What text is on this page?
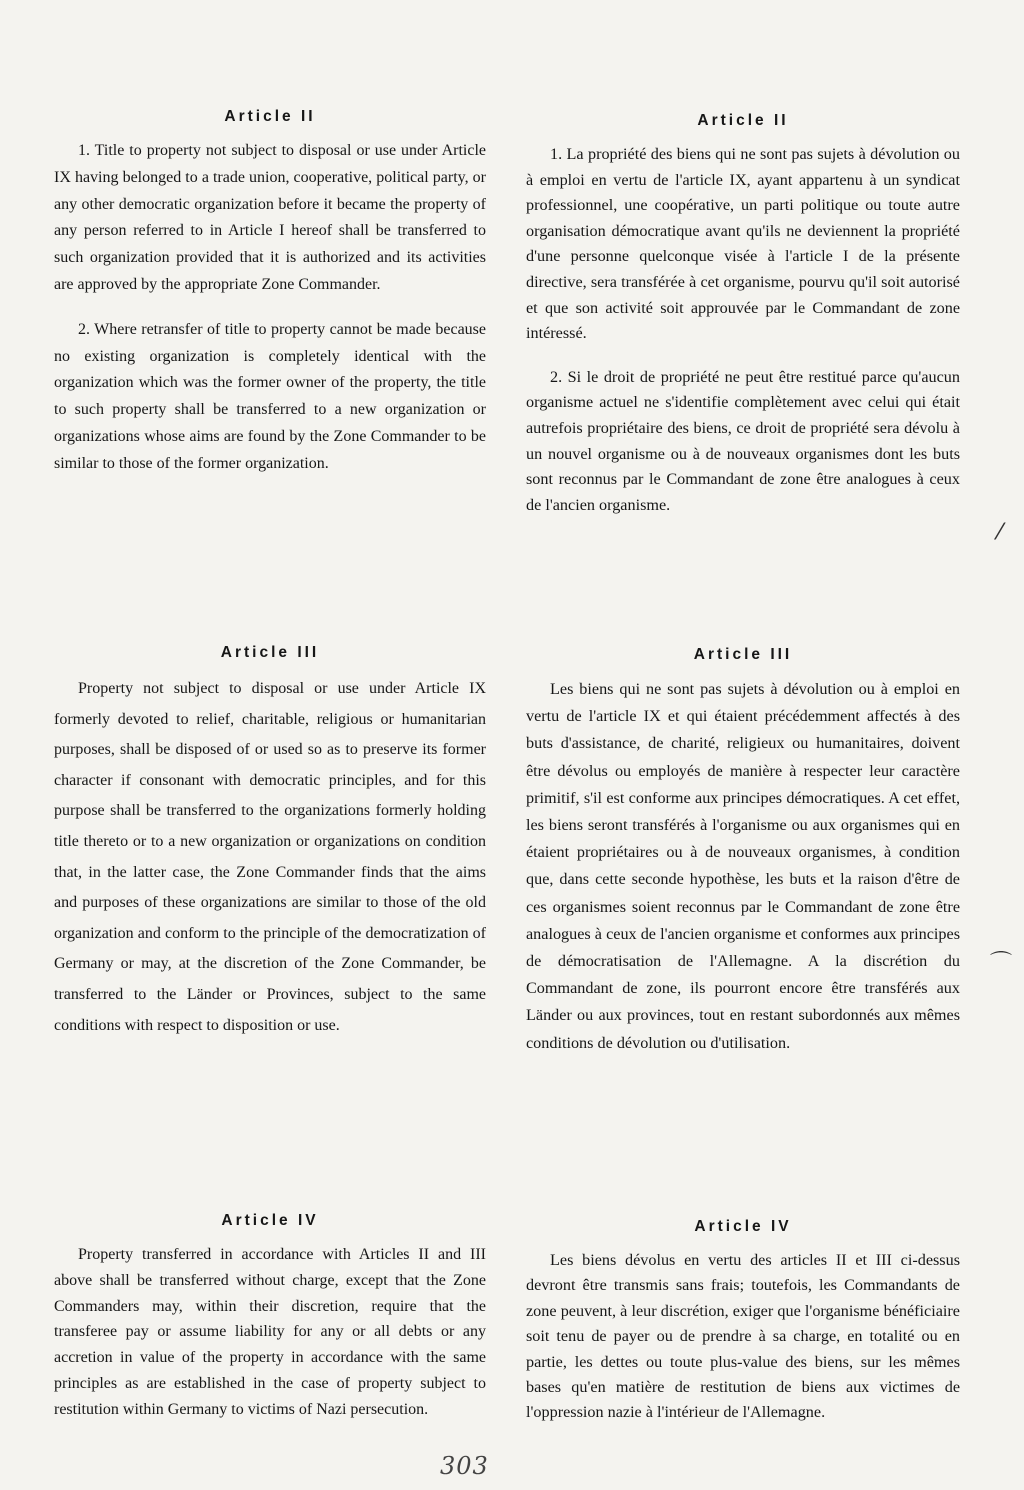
Article II

1. Title to property not subject to disposal or use under Article IX having belonged to a trade union, cooperative, political party, or any other democratic organization before it became the property of any person referred to in Article I hereof shall be transferred to such organization provided that it is authorized and its activities are approved by the appropriate Zone Commander.

2. Where retransfer of title to property cannot be made because no existing organization is completely identical with the organization which was the former owner of the property, the title to such property shall be transferred to a new organization or organizations whose aims are found by the Zone Commander to be similar to those of the former organization.

Article III

Property not subject to disposal or use under Article IX formerly devoted to relief, charitable, religious or humanitarian purposes, shall be disposed of or used so as to preserve its former character if consonant with democratic principles, and for this purpose shall be transferred to the organizations formerly holding title thereto or to a new organization or organizations on condition that, in the latter case, the Zone Commander finds that the aims and purposes of these organizations are similar to those of the old organization and conform to the principle of the democratization of Germany or may, at the discretion of the Zone Commander, be transferred to the Länder or Provinces, subject to the same conditions with respect to disposition or use.

Article IV

Property transferred in accordance with Articles II and III above shall be transferred without charge, except that the Zone Commanders may, within their discretion, require that the transferee pay or assume liability for any or all debts or any accretion in value of the property in accordance with the same principles as are established in the case of property subject to restitution within Germany to victims of Nazi persecution.

Article II

1. La propriété des biens qui ne sont pas sujets à dévolution ou à emploi en vertu de l'article IX, ayant appartenu à un syndicat professionnel, une coopérative, un parti politique ou toute autre organisation démocratique avant qu'ils ne deviennent la propriété d'une personne quelconque visée à l'article I de la présente directive, sera transférée à cet organisme, pourvu qu'il soit autorisé et que son activité soit approuvée par le Commandant de zone intéressé.

2. Si le droit de propriété ne peut être restitué parce qu'aucun organisme actuel ne s'identifie complètement avec celui qui était autrefois propriétaire des biens, ce droit de propriété sera dévolu à un nouvel organisme ou à de nouveaux organismes dont les buts sont reconnus par le Commandant de zone être analogues à ceux de l'ancien organisme.

Article III

Les biens qui ne sont pas sujets à dévolution ou à emploi en vertu de l'article IX et qui étaient précédemment affectés à des buts d'assistance, de charité, religieux ou humanitaires, doivent être dévolus ou employés de manière à respecter leur caractère primitif, s'il est conforme aux principes démocratiques. A cet effet, les biens seront transférés à l'organisme ou aux organismes qui en étaient propriétaires ou à de nouveaux organismes, à condition que, dans cette seconde hypothèse, les buts et la raison d'être de ces organismes soient reconnus par le Commandant de zone être analogues à ceux de l'ancien organisme et conformes aux principes de démocratisation de l'Allemagne. A la discrétion du Commandant de zone, ils pourront encore être transférés aux Länder ou aux provinces, tout en restant subordonnés aux mêmes conditions de dévolution ou d'utilisation.

Article IV

Les biens dévolus en vertu des articles II et III ci-dessus devront être transmis sans frais; toutefois, les Commandants de zone peuvent, à leur discrétion, exiger que l'organisme bénéficiaire soit tenu de payer ou de prendre à sa charge, en totalité ou en partie, les dettes ou toute plus-value des biens, sur les mêmes bases qu'en matière de restitution de biens aux victimes de l'oppression nazie à l'intérieur de l'Allemagne.

⁄
⌒
303
